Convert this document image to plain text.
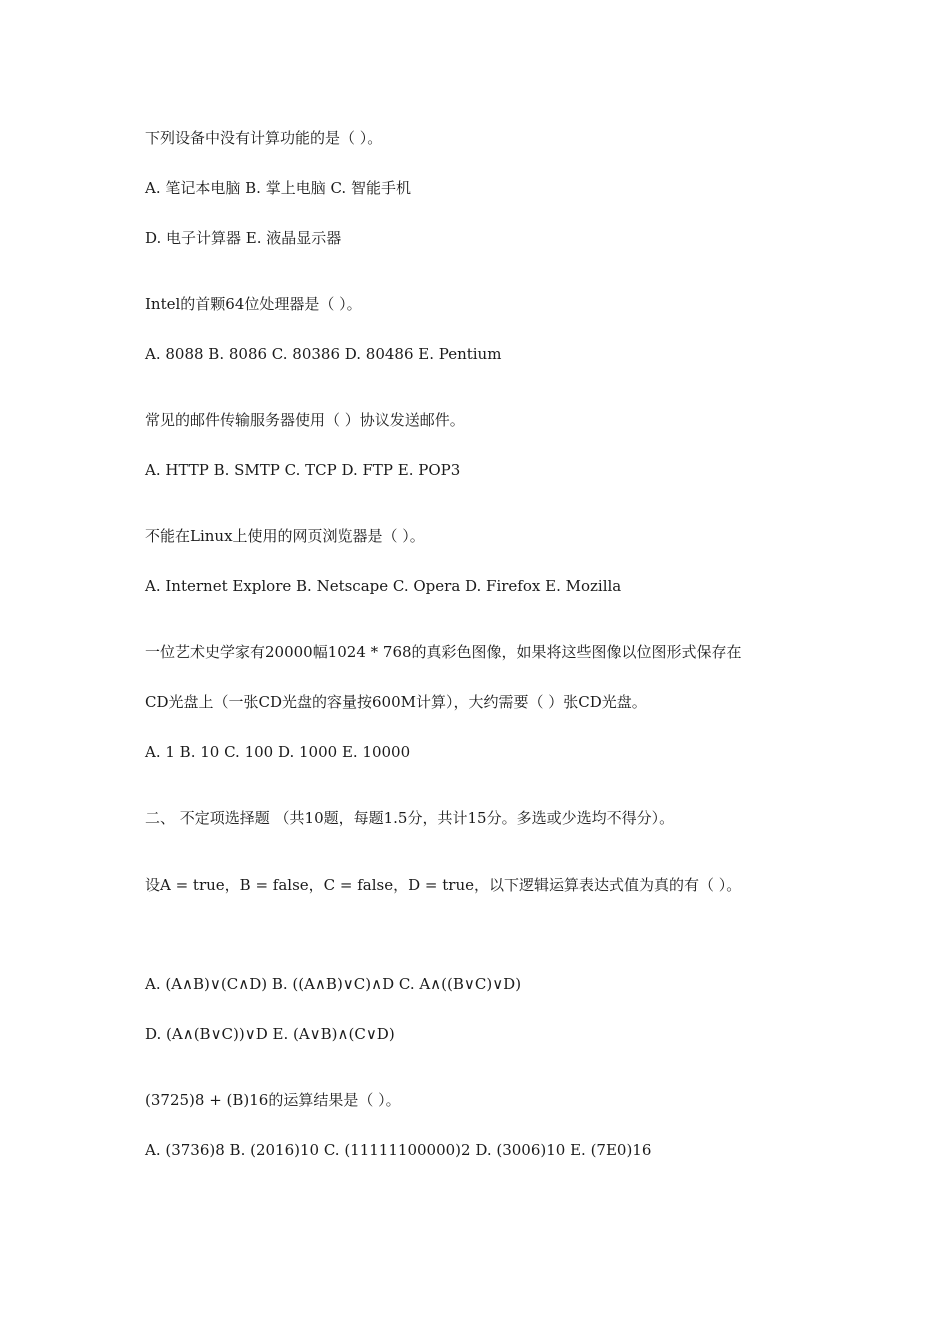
下列设备中没有计算功能的是（ ）。
A. 笔记本电脑 B. 掌上电脑 C. 智能手机
D. 电子计算器 E. 液晶显示器
Intel的首颗64位处理器是（ ）。
A. 8088 B. 8086 C. 80386 D. 80486 E. Pentium
常见的邮件传输服务器使用（ ）协议发送邮件。
A. HTTP B. SMTP C. TCP D. FTP E. POP3
不能在Linux上使用的网页浏览器是（ ）。
A. Internet Explore B. Netscape C. Opera D. Firefox E. Mozilla
一位艺术史学家有20000幅1024 * 768的真彩色图像，如果将这些图像以位图形式保存在
CD光盘上（一张CD光盘的容量按600M计算），大约需要（ ）张CD光盘。
A. 1 B. 10 C. 100 D. 1000 E. 10000
二、 不定项选择题 （共10题，每题1.5分，共计15分。多选或少选均不得分）。
设A = true，B = false，C = false，D = true，以下逻辑运算表达式值为真的有（ ）。
A. (A∧B)∨(C∧D) B. ((A∧B)∨C)∧D C. A∧((B∨C)∨D)
D. (A∧(B∨C))∨D E. (A∨B)∧(C∨D)
(3725)8 + (B)16的运算结果是（ ）。
A. (3736)8 B. (2016)10 C. (11111100000)2 D. (3006)10 E. (7E0)16
